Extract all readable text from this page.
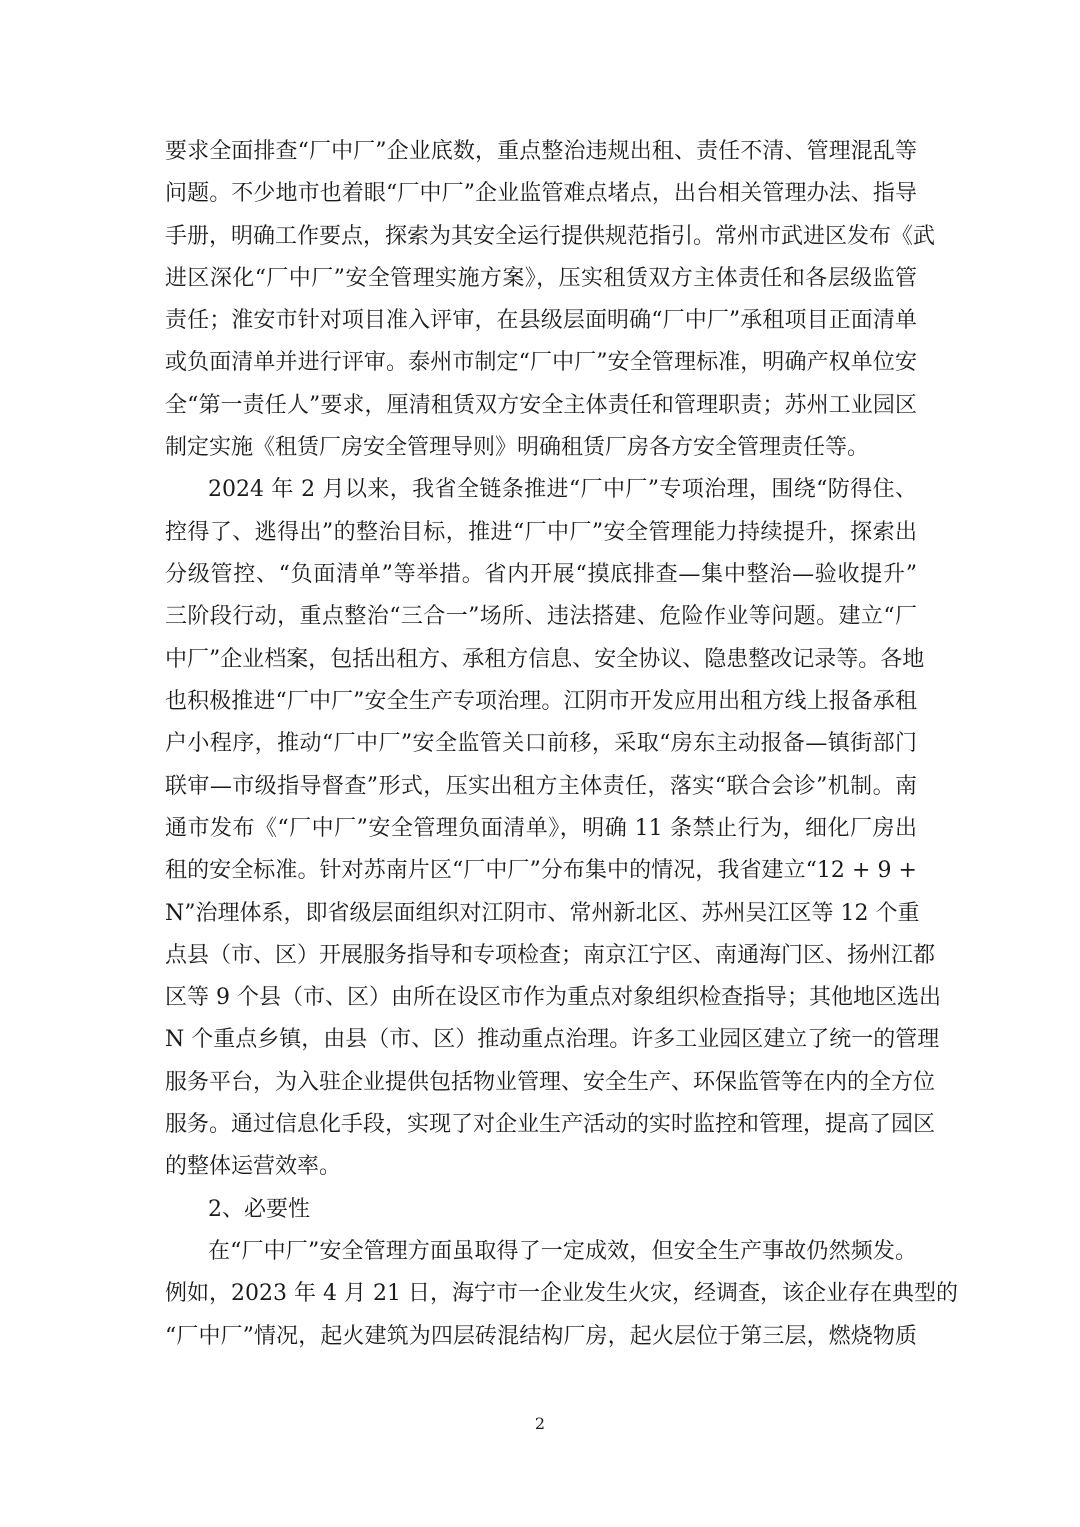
要求全面排查“厂中厂”企业底数，重点整治违规出租、责任不清、管理混乱等
问题。不少地市也着眼“厂中厂”企业监管难点堵点，出台相关管理办法、指导
手册，明确工作要点，探索为其安全运行提供规范指引。常州市武进区发布《武
进区深化“厂中厂”安全管理实施方案》，压实租赁双方主体责任和各层级监管
责任；淮安市针对项目准入评审，在县级层面明确“厂中厂”承租项目正面清单
或负面清单并进行评审。泰州市制定“厂中厂”安全管理标准，明确产权单位安
全“第一责任人”要求，厘清租赁双方安全主体责任和管理职责；苏州工业园区
制定实施《租赁厂房安全管理导则》明确租赁厂房各方安全管理责任等。
2024 年 2 月以来，我省全链条推进“厂中厂”专项治理，围绕“防得住、
控得了、逃得出”的整治目标，推进“厂中厂”安全管理能力持续提升，探索出
分级管控、“负面清单”等举措。省内开展“摸底排查—集中整治—验收提升”
三阶段行动，重点整治“三合一”场所、违法搭建、危险作业等问题。建立“厂
中厂”企业档案，包括出租方、承租方信息、安全协议、隐患整改记录等。各地
也积极推进“厂中厂”安全生产专项治理。江阴市开发应用出租方线上报备承租
户小程序，推动“厂中厂”安全监管关口前移，采取“房东主动报备—镇街部门
联审—市级指导督查”形式，压实出租方主体责任，落实“联合会诊”机制。南
通市发布《“厂中厂”安全管理负面清单》，明确 11 条禁止行为，细化厂房出
租的安全标准。针对苏南片区“厂中厂”分布集中的情况，我省建立“12 + 9 +
N”治理体系，即省级层面组织对江阴市、常州新北区、苏州吴江区等 12 个重
点县（市、区）开展服务指导和专项检查；南京江宁区、南通海门区、扬州江都
区等 9 个县（市、区）由所在设区市作为重点对象组织检查指导；其他地区选出
N 个重点乡镇，由县（市、区）推动重点治理。许多工业园区建立了统一的管理
服务平台，为入驻企业提供包括物业管理、安全生产、环保监管等在内的全方位
服务。通过信息化手段，实现了对企业生产活动的实时监控和管理，提高了园区
的整体运营效率。
2、必要性
在“厂中厂”安全管理方面虽取得了一定成效，但安全生产事故仍然频发。
例如，2023 年 4 月 21 日，海宁市一企业发生火灾，经调查，该企业存在典型的
“厂中厂”情况，起火建筑为四层砖混结构厂房，起火层位于第三层，燃烧物质
2
